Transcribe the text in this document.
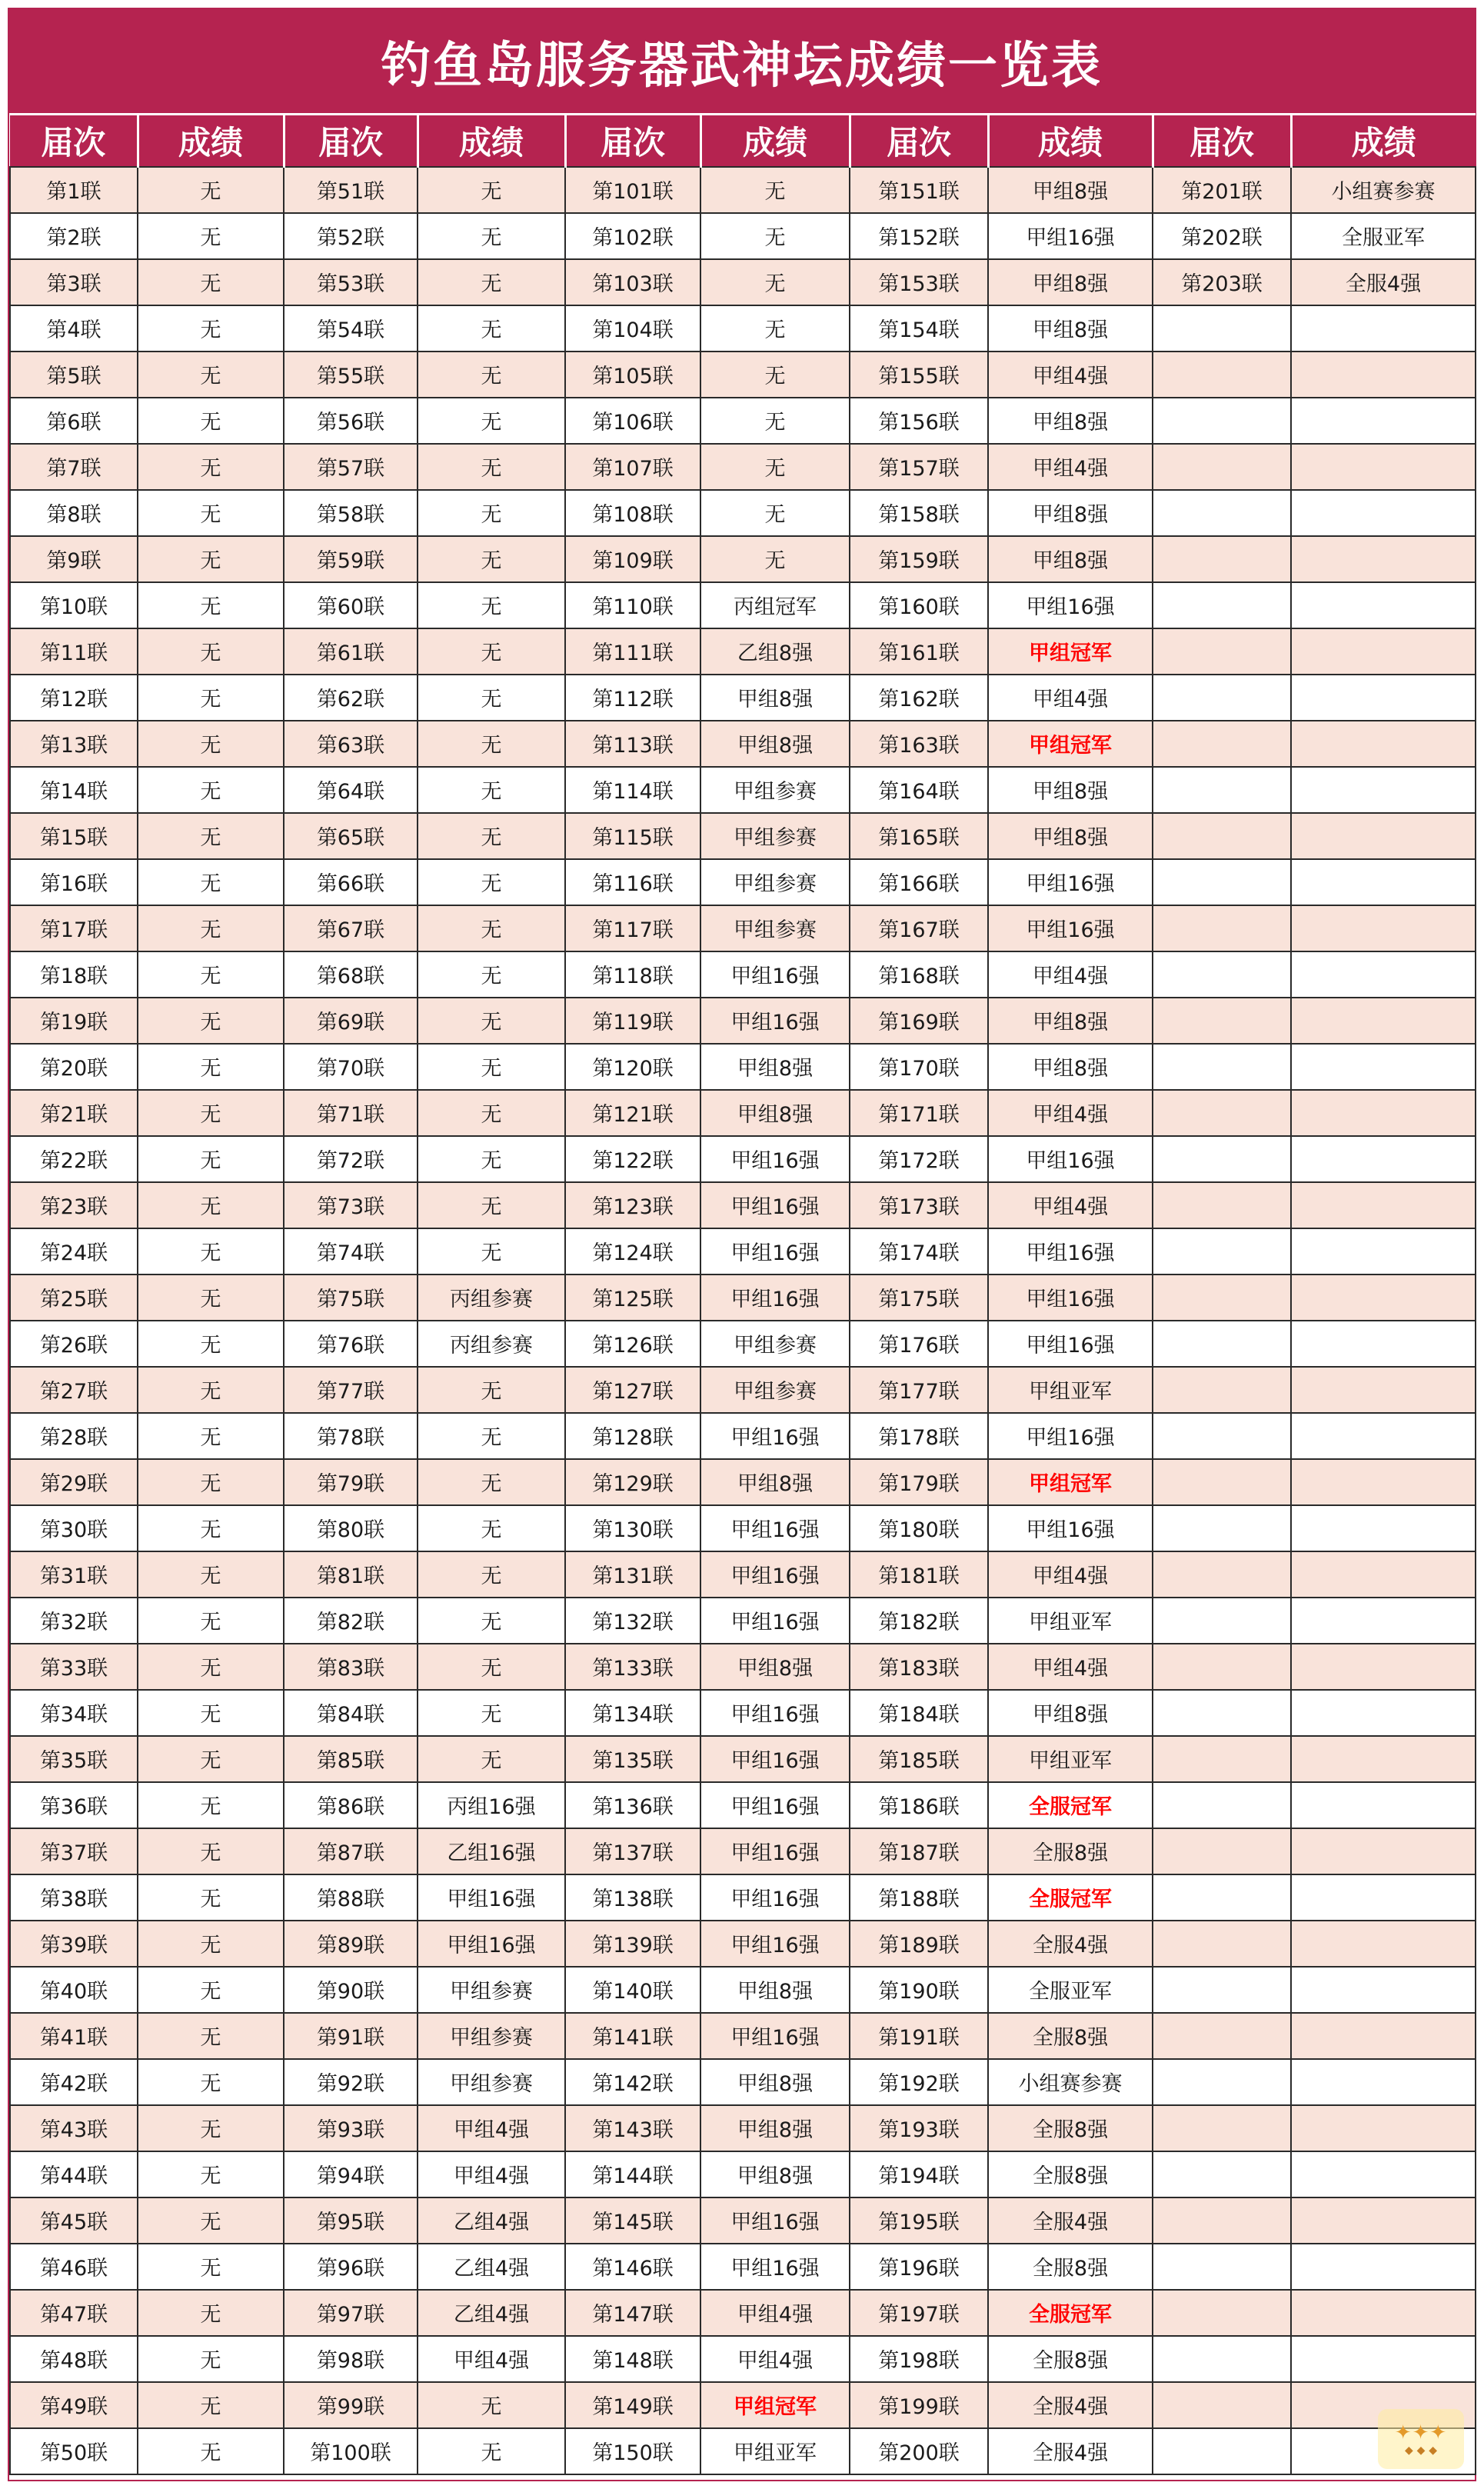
钓鱼岛服务器武神坛成绩一览表
届次	成绩	届次	成绩	届次	成绩	届次	成绩	届次	成绩
第1联	无	第51联	无	第101联	无	第151联	甲组8强	第201联	小组赛参赛
第2联	无	第52联	无	第102联	无	第152联	甲组16强	第202联	全服亚军
第3联	无	第53联	无	第103联	无	第153联	甲组8强	第203联	全服4强
第4联	无	第54联	无	第104联	无	第154联	甲组8强		
第5联	无	第55联	无	第105联	无	第155联	甲组4强		
第6联	无	第56联	无	第106联	无	第156联	甲组8强		
第7联	无	第57联	无	第107联	无	第157联	甲组4强		
第8联	无	第58联	无	第108联	无	第158联	甲组8强		
第9联	无	第59联	无	第109联	无	第159联	甲组8强		
第10联	无	第60联	无	第110联	丙组冠军	第160联	甲组16强		
第11联	无	第61联	无	第111联	乙组8强	第161联	甲组冠军		
第12联	无	第62联	无	第112联	甲组8强	第162联	甲组4强		
第13联	无	第63联	无	第113联	甲组8强	第163联	甲组冠军		
第14联	无	第64联	无	第114联	甲组参赛	第164联	甲组8强		
第15联	无	第65联	无	第115联	甲组参赛	第165联	甲组8强		
第16联	无	第66联	无	第116联	甲组参赛	第166联	甲组16强		
第17联	无	第67联	无	第117联	甲组参赛	第167联	甲组16强		
第18联	无	第68联	无	第118联	甲组16强	第168联	甲组4强		
第19联	无	第69联	无	第119联	甲组16强	第169联	甲组8强		
第20联	无	第70联	无	第120联	甲组8强	第170联	甲组8强		
第21联	无	第71联	无	第121联	甲组8强	第171联	甲组4强		
第22联	无	第72联	无	第122联	甲组16强	第172联	甲组16强		
第23联	无	第73联	无	第123联	甲组16强	第173联	甲组4强		
第24联	无	第74联	无	第124联	甲组16强	第174联	甲组16强		
第25联	无	第75联	丙组参赛	第125联	甲组16强	第175联	甲组16强		
第26联	无	第76联	丙组参赛	第126联	甲组参赛	第176联	甲组16强		
第27联	无	第77联	无	第127联	甲组参赛	第177联	甲组亚军		
第28联	无	第78联	无	第128联	甲组16强	第178联	甲组16强		
第29联	无	第79联	无	第129联	甲组8强	第179联	甲组冠军		
第30联	无	第80联	无	第130联	甲组16强	第180联	甲组16强		
第31联	无	第81联	无	第131联	甲组16强	第181联	甲组4强		
第32联	无	第82联	无	第132联	甲组16强	第182联	甲组亚军		
第33联	无	第83联	无	第133联	甲组8强	第183联	甲组4强		
第34联	无	第84联	无	第134联	甲组16强	第184联	甲组8强		
第35联	无	第85联	无	第135联	甲组16强	第185联	甲组亚军		
第36联	无	第86联	丙组16强	第136联	甲组16强	第186联	全服冠军		
第37联	无	第87联	乙组16强	第137联	甲组16强	第187联	全服8强		
第38联	无	第88联	甲组16强	第138联	甲组16强	第188联	全服冠军		
第39联	无	第89联	甲组16强	第139联	甲组16强	第189联	全服4强		
第40联	无	第90联	甲组参赛	第140联	甲组8强	第190联	全服亚军		
第41联	无	第91联	甲组参赛	第141联	甲组16强	第191联	全服8强		
第42联	无	第92联	甲组参赛	第142联	甲组8强	第192联	小组赛参赛		
第43联	无	第93联	甲组4强	第143联	甲组8强	第193联	全服8强		
第44联	无	第94联	甲组4强	第144联	甲组8强	第194联	全服8强		
第45联	无	第95联	乙组4强	第145联	甲组16强	第195联	全服4强		
第46联	无	第96联	乙组4强	第146联	甲组16强	第196联	全服8强		
第47联	无	第97联	乙组4强	第147联	甲组4强	第197联	全服冠军		
第48联	无	第98联	甲组4强	第148联	甲组4强	第198联	全服8强		
第49联	无	第99联	无	第149联	甲组冠军	第199联	全服4强		
第50联	无	第100联	无	第150联	甲组亚军	第200联	全服4强		
✦✦✦
◆ ◆ ◆
